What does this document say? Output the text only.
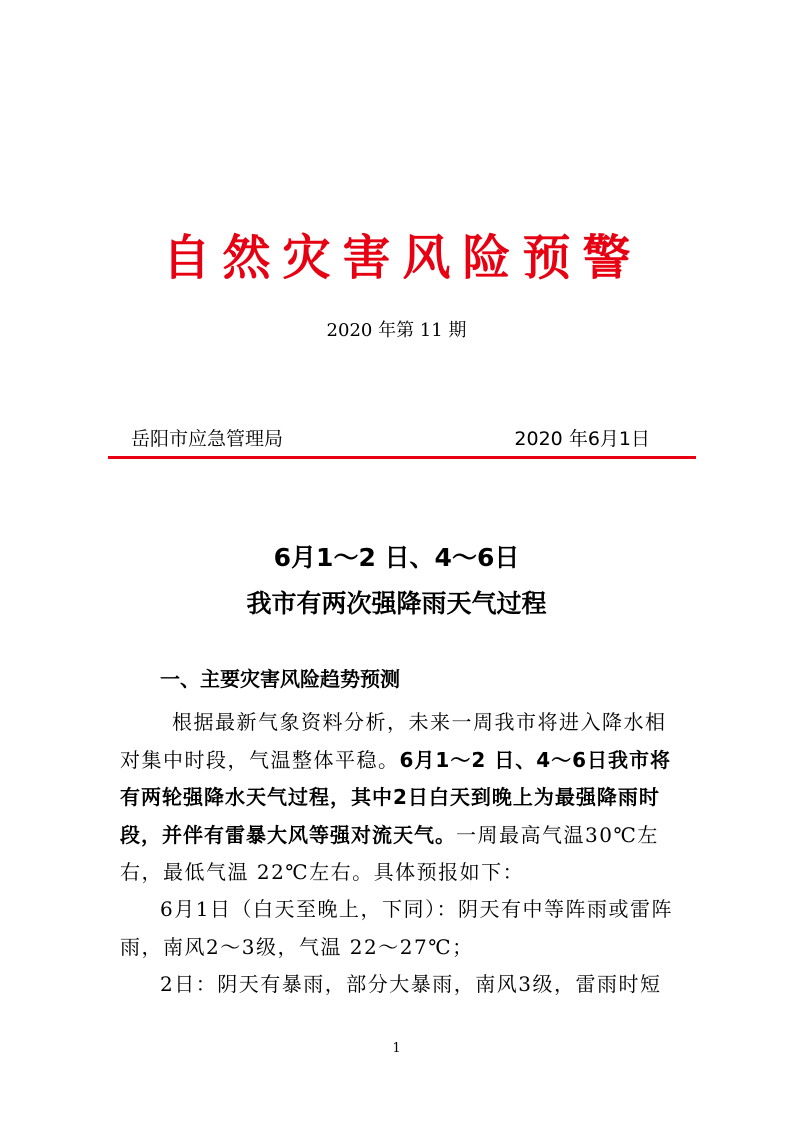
自然灾害风险预警
2020 年第 11 期
岳阳市应急管理局	2020 年6月1日
6月1～2 日、4～6日
我市有两次强降雨天气过程
一、主要灾害风险趋势预测
根据最新气象资料分析，未来一周我市将进入降水相对集中时段，气温整体平稳。6月1～2 日、4～6日我市将有两轮强降水天气过程，其中2日白天到晚上为最强降雨时段，并伴有雷暴大风等强对流天气。一周最高气温30℃左右，最低气温 22℃左右。具体预报如下：
6月1日（白天至晚上，下同）：阴天有中等阵雨或雷阵雨，南风2～3级，气温 22～27℃；
2日：阴天有暴雨，部分大暴雨，南风3级，雷雨时短
1
